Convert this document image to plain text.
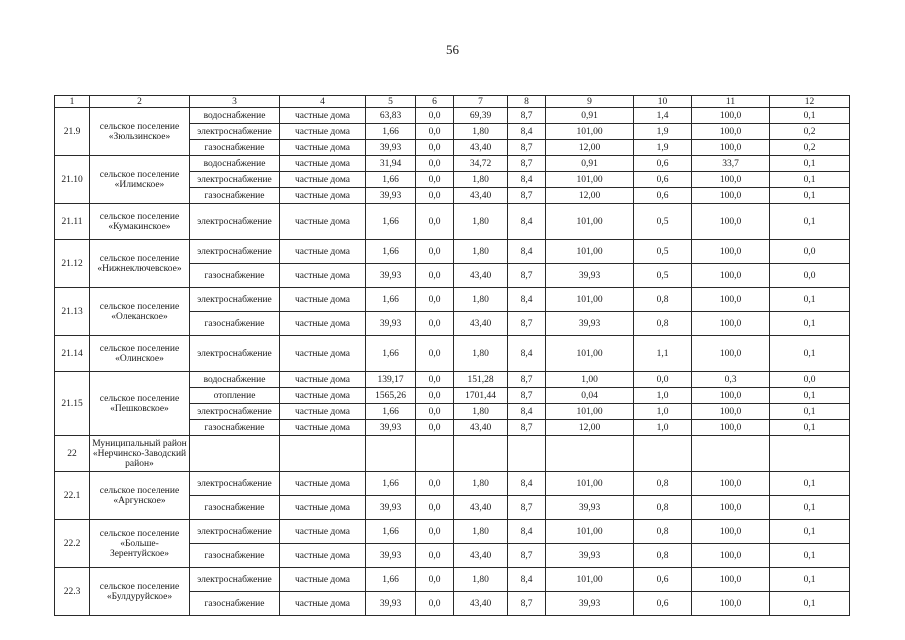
56
1	2	3	4	5	6	7	8	9	10	11	12
21.9	сельское поселение «Зюльзинское»	водоснабжение	частные дома	63,83	0,0	69,39	8,7	0,91	1,4	100,0	0,1
		электроснабжение	частные дома	1,66	0,0	1,80	8,4	101,00	1,9	100,0	0,2
		газоснабжение	частные дома	39,93	0,0	43,40	8,7	12,00	1,9	100,0	0,2
21.10	сельское поселение «Илимское»	водоснабжение	частные дома	31,94	0,0	34,72	8,7	0,91	0,6	33,7	0,1
		электроснабжение	частные дома	1,66	0,0	1,80	8,4	101,00	0,6	100,0	0,1
		газоснабжение	частные дома	39,93	0,0	43,40	8,7	12,00	0,6	100,0	0,1
21.11	сельское поселение «Кумакинское»	электроснабжение	частные дома	1,66	0,0	1,80	8,4	101,00	0,5	100,0	0,1
21.12	сельское поселение «Нижнеключевское»	электроснабжение	частные дома	1,66	0,0	1,80	8,4	101,00	0,5	100,0	0,0
		газоснабжение	частные дома	39,93	0,0	43,40	8,7	39,93	0,5	100,0	0,0
21.13	сельское поселение «Олеканское»	электроснабжение	частные дома	1,66	0,0	1,80	8,4	101,00	0,8	100,0	0,1
		газоснабжение	частные дома	39,93	0,0	43,40	8,7	39,93	0,8	100,0	0,1
21.14	сельское поселение «Олинское»	электроснабжение	частные дома	1,66	0,0	1,80	8,4	101,00	1,1	100,0	0,1
21.15	сельское поселение «Пешковское»	водоснабжение	частные дома	139,17	0,0	151,28	8,7	1,00	0,0	0,3	0,0
		отопление	частные дома	1565,26	0,0	1701,44	8,7	0,04	1,0	100,0	0,1
		электроснабжение	частные дома	1,66	0,0	1,80	8,4	101,00	1,0	100,0	0,1
		газоснабжение	частные дома	39,93	0,0	43,40	8,7	12,00	1,0	100,0	0,1
22	Муниципальный район «Нерчинско-Заводский район»										
22.1	сельское поселение «Аргунское»	электроснабжение	частные дома	1,66	0,0	1,80	8,4	101,00	0,8	100,0	0,1
		газоснабжение	частные дома	39,93	0,0	43,40	8,7	39,93	0,8	100,0	0,1
22.2	сельское поселение «Больше-Зерентуйское»	электроснабжение	частные дома	1,66	0,0	1,80	8,4	101,00	0,8	100,0	0,1
		газоснабжение	частные дома	39,93	0,0	43,40	8,7	39,93	0,8	100,0	0,1
22.3	сельское поселение «Булдуруйское»	электроснабжение	частные дома	1,66	0,0	1,80	8,4	101,00	0,6	100,0	0,1
		газоснабжение	частные дома	39,93	0,0	43,40	8,7	39,93	0,6	100,0	0,1
